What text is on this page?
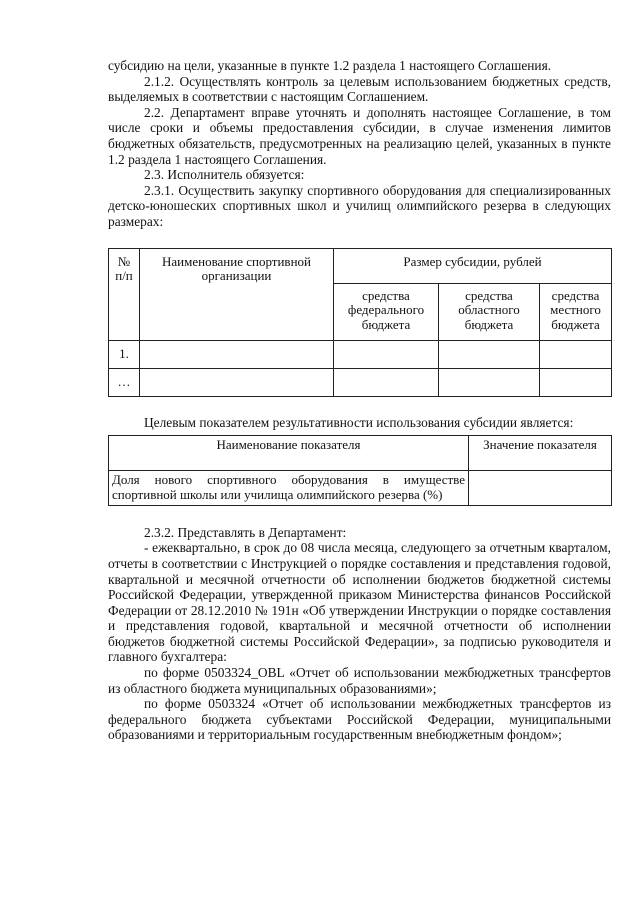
субсидию на цели, указанные в пункте 1.2 раздела 1 настоящего Соглашения.

2.1.2. Осуществлять контроль за целевым использованием бюджетных средств, выделяемых в соответствии с настоящим Соглашением.

2.2. Департамент вправе уточнять и дополнять настоящее Соглашение, в том числе сроки и объемы предоставления субсидии, в случае изменения лимитов бюджетных обязательств, предусмотренных на реализацию целей, указанных в пункте 1.2 раздела 1 настоящего Соглашения.

2.3. Исполнитель обязуется:

2.3.1. Осуществить закупку спортивного оборудования для специализированных детско-юношеских спортивных школ и училищ олимпийского резерва в следующих размерах:

№ п/п	Наименование спортивной организации	Размер субсидии, рублей		
		средства федерального бюджета	средства областного бюджета	средства местного бюджета
1.				
…				

Целевым показателем результативности использования субсидии является:

Наименование показателя	Значение показателя
Доля нового спортивного оборудования в имуществе спортивной школы или училища олимпийского резерва (%)	

2.3.2. Представлять в Департамент:

- ежеквартально, в срок до 08 числа месяца, следующего за отчетным кварталом, отчеты в соответствии с Инструкцией о порядке составления и представления годовой, квартальной и месячной отчетности об исполнении бюджетов бюджетной системы Российской Федерации, утвержденной приказом Министерства финансов Российской Федерации от 28.12.2010 № 191н «Об утверждении Инструкции о порядке составления и представления годовой, квартальной и месячной отчетности об исполнении бюджетов бюджетной системы Российской Федерации», за подписью руководителя и главного бухгалтера:

по форме 0503324_OBL «Отчет об использовании межбюджетных трансфертов из областного бюджета муниципальных образованиями»;

по форме 0503324 «Отчет об использовании межбюджетных трансфертов из федерального бюджета субъектами Российской Федерации, муниципальными образованиями и территориальным государственным внебюджетным фондом»;
